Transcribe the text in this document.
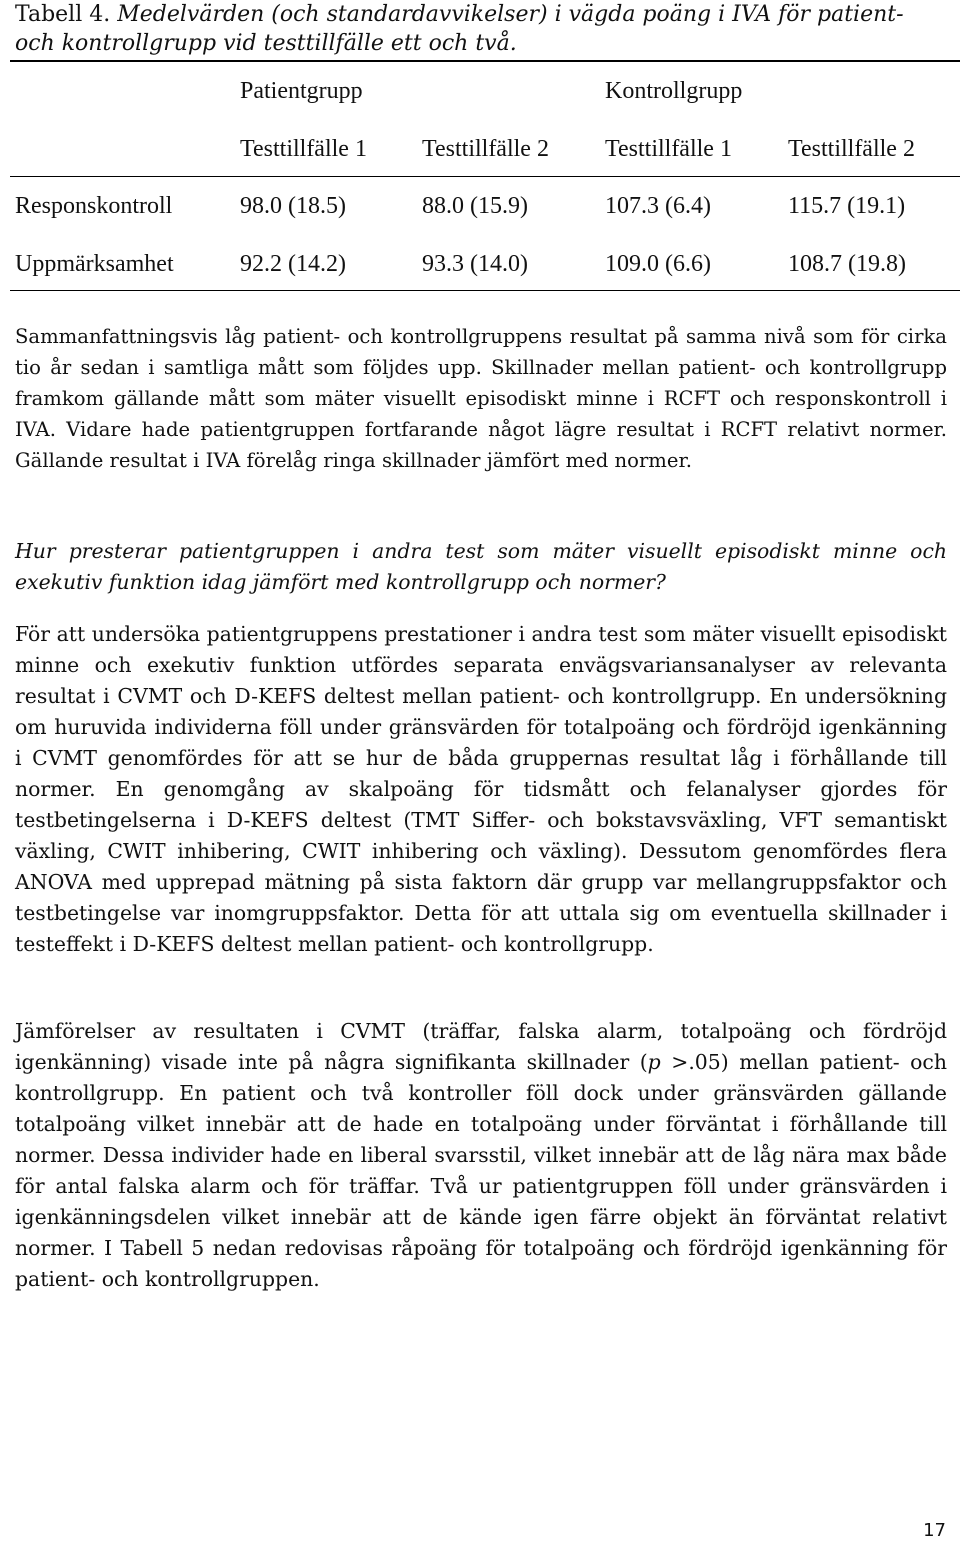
Tabell 4. Medelvärden (och standardavvikelser) i vägda poäng i IVA för patient- och kontrollgrupp vid testtillfälle ett och två.

Patientgrupp	Kontrollgrupp
Testtillfälle 1 Testtillfälle 2 Testtillfälle 1 Testtillfälle 2
Responskontroll	98.0 (18.5)	88.0 (15.9)	107.3 (6.4)	115.7 (19.1)
Uppmärksamhet	92.2 (14.2)	93.3 (14.0)	109.0 (6.6)	108.7 (19.8)

Sammanfattningsvis låg patient- och kontrollgruppens resultat på samma nivå som för cirka tio år sedan i samtliga mått som följdes upp. Skillnader mellan patient- och kontrollgrupp framkom gällande mått som mäter visuellt episodiskt minne i RCFT och responskontroll i IVA. Vidare hade patientgruppen fortfarande något lägre resultat i RCFT relativt normer. Gällande resultat i IVA förelåg ringa skillnader jämfört med normer.

Hur presterar patientgruppen i andra test som mäter visuellt episodiskt minne och exekutiv funktion idag jämfört med kontrollgrupp och normer?

För att undersöka patientgruppens prestationer i andra test som mäter visuellt episodiskt minne och exekutiv funktion utfördes separata envägsvariansanalyser av relevanta resultat i CVMT och D-KEFS deltest mellan patient- och kontrollgrupp. En undersökning om huruvida individerna föll under gränsvärden för totalpoäng och fördröjd igenkänning i CVMT genomfördes för att se hur de båda gruppernas resultat låg i förhållande till normer. En genomgång av skalpoäng för tidsmått och felanalyser gjordes för testbetingelserna i D-KEFS deltest (TMT Siffer- och bokstavsväxling, VFT semantiskt växling, CWIT inhibering, CWIT inhibering och växling). Dessutom genomfördes flera ANOVA med upprepad mätning på sista faktorn där grupp var mellangruppsfaktor och testbetingelse var inomgruppsfaktor. Detta för att uttala sig om eventuella skillnader i testeffekt i D-KEFS deltest mellan patient- och kontrollgrupp.

Jämförelser av resultaten i CVMT (träffar, falska alarm, totalpoäng och fördröjd igenkänning) visade inte på några signifikanta skillnader (p >.05) mellan patient- och kontrollgrupp. En patient och två kontroller föll dock under gränsvärden gällande totalpoäng vilket innebär att de hade en totalpoäng under förväntat i förhållande till normer. Dessa individer hade en liberal svarsstil, vilket innebär att de låg nära max både för antal falska alarm och för träffar. Två ur patientgruppen föll under gränsvärden i igenkänningsdelen vilket innebär att de kände igen färre objekt än förväntat relativt normer. I Tabell 5 nedan redovisas råpoäng för totalpoäng och fördröjd igenkänning för patient- och kontrollgruppen.

17
